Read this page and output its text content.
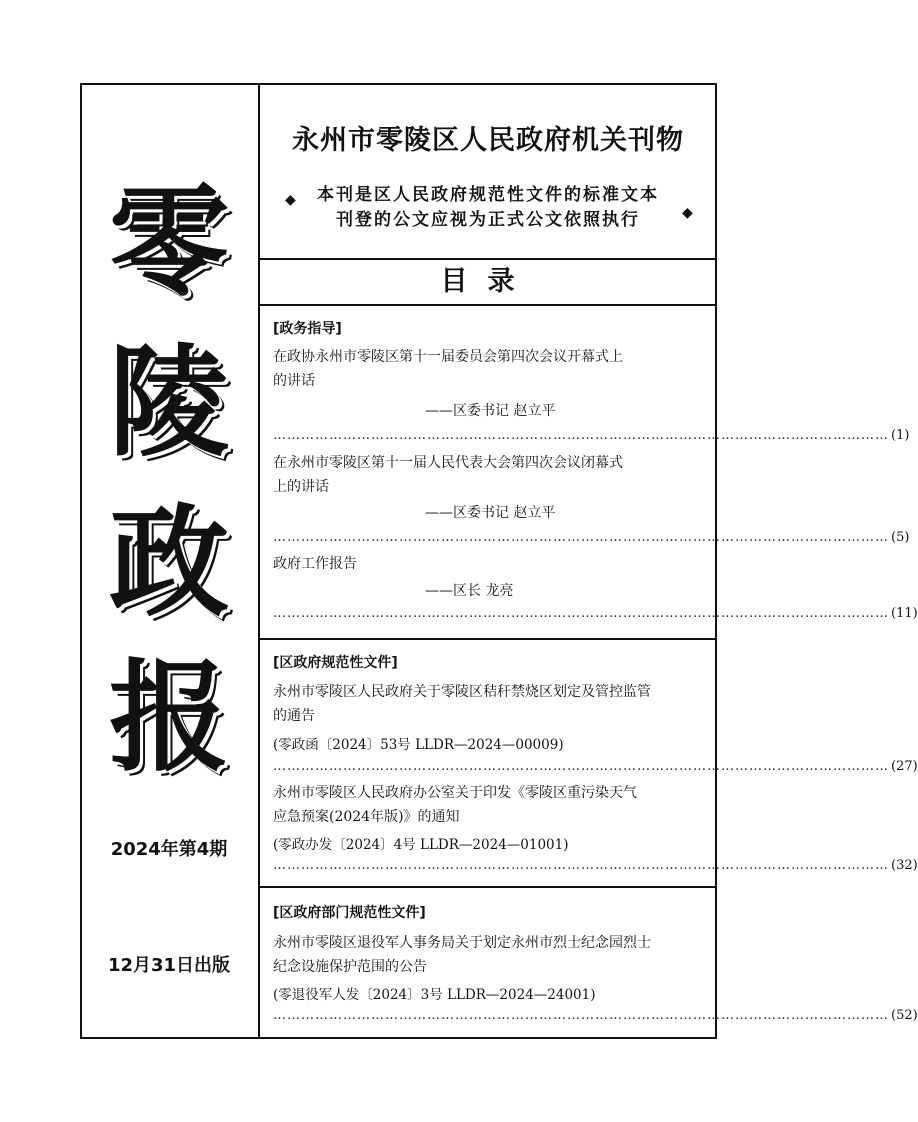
零
陵
政
报
2024年第4期
12月31日出版
永州市零陵区人民政府机关刊物
◆	本刊是区人民政府规范性文件的标准文本
刊登的公文应视为正式公文依照执行	◆
目录
[政务指导]
在政协永州市零陵区第十一届委员会第四次会议开幕式上
的讲话
——区委书记 赵立平
…………………………………………………………………………………………………………………… (1)
在永州市零陵区第十一届人民代表大会第四次会议闭幕式
上的讲话
——区委书记 赵立平
…………………………………………………………………………………………………………………… (5)
政府工作报告
——区长 龙亮
…………………………………………………………………………………………………………………… (11)
[区政府规范性文件]
永州市零陵区人民政府关于零陵区秸秆禁烧区划定及管控监管
的通告
(零政函〔2024〕53号 LLDR—2024—00009)
…………………………………………………………………………………………………………………… (27)
永州市零陵区人民政府办公室关于印发《零陵区重污染天气
应急预案(2024年版)》的通知
(零政办发〔2024〕4号 LLDR—2024—01001)
…………………………………………………………………………………………………………………… (32)
[区政府部门规范性文件]
永州市零陵区退役军人事务局关于划定永州市烈士纪念园烈士
纪念设施保护范围的公告
(零退役军人发〔2024〕3号 LLDR—2024—24001)
…………………………………………………………………………………………………………………… (52)
